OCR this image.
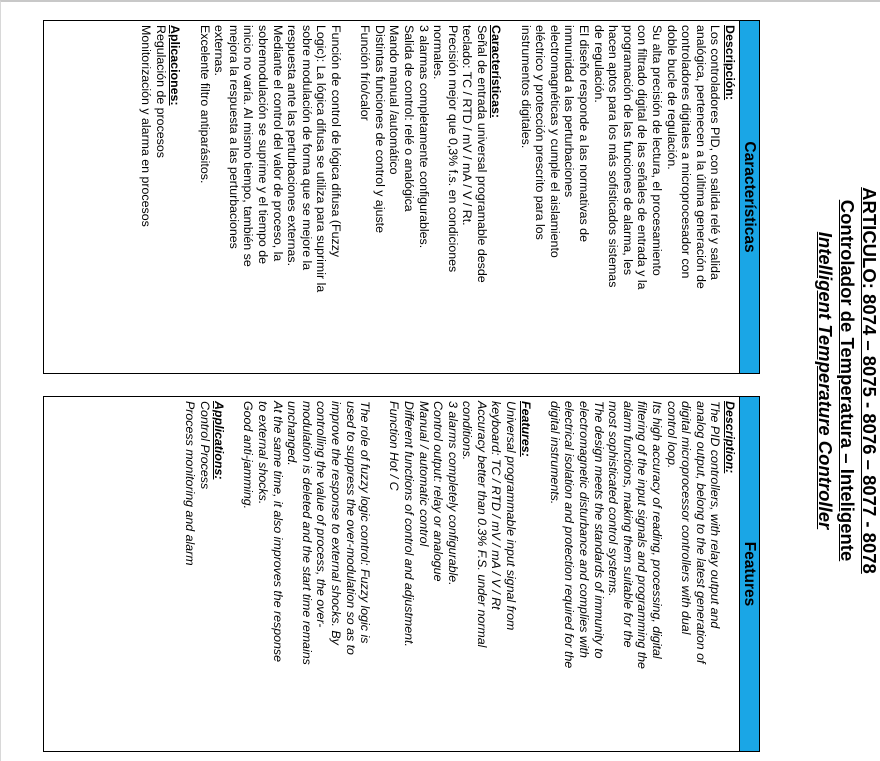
ARTICULO: 8074 – 8075 - 8076 – 8077 - 8078
Controlador de Temperatura – Inteligente
Intelligent Temperature Controller
Características
Descripción:
Los controladores PID, con salida relé y salida
analógica, pertenecen a la última generación de
controladores digitales a microprocesador con
doble bucle de regulación.
Su alta precisión de lectura, el procesamiento
con filtrado digital de las señales de entrada y la
programación de las funciones de alarma, les
hacen aptos para los más sofisticados sistemas
de regulación.
El diseño responde a las normativas de
inmunidad a las perturbaciones
electromagnéticas y cumple el aislamiento
eléctrico y protección prescrito para los
instrumentos digitales.
Características:
Señal de entrada universal programable desde
teclado: TC / RTD / mV / mA / V / Rt.
Precisión mejor que 0,3% f.s. en condiciones
normales.
3 alarmas completamente configurables.
Salida de control: relé o analógica
Mando manual /automático
Distintas funciones de control y ajuste
Función frío/calor
Función de control de lógica difusa (Fuzzy
Logic): La lógica difusa se utiliza para suprimir la
sobre modulación de forma que se mejore la
respuesta ante las perturbaciones externas.
Mediante el control del valor de proceso, la
sobremodulación se suprime y el tiempo de
inicio no varía. Al mismo tiempo, también se
mejora la respuesta a las perturbaciones
externas.
Excelente filtro antiparásitos.
Aplicaciones:
Regulación de procesos
Monitorización y alarma en procesos
Features
Description:
The PID controllers, with relay output and
analog output, belong to the latest generation of
digital microprocessor controllers with dual
control loop.
Its high accuracy of reading, processing, digital
filtering of the input signals and programming the
alarm functions, making them suitable for the
most sophisticated control systems.
The design meets the standards of immunity to
electromagnetic disturbance and complies with
electrical isolation and protection required for the
digital instruments.
Features:
Universal programmable input signal from
keyboard: TC / RTD / mV / mA / V / Rt
Accuracy better than 0.3% F.S. under normal
conditions.
3 alarms completely configurable.
Control output: relay or analogue
Manual / automatic control
Different functions of control and adjustment.
Function Hot / C
The role of fuzzy logic control: Fuzzy logic is
used to suppress the over-modulation so as to
improve the response to external shocks. By
controlling the value of process, the over-
modulation is deleted and the start time remains
unchanged.
At the same time, it also improves the response
to external shocks.
Good anti-jamming.
Applications:
Control Process
Process monitoring and alarm
